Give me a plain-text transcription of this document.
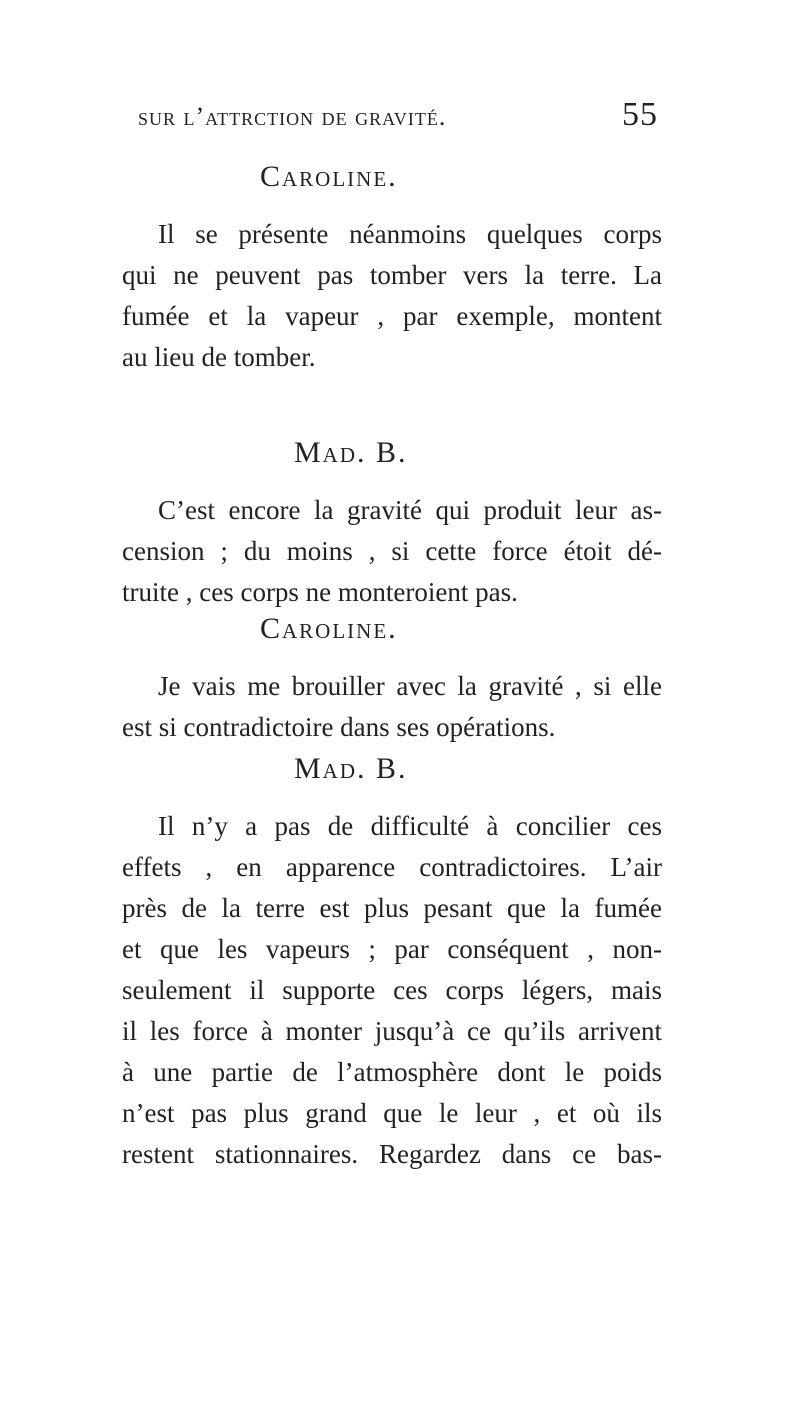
sur l’attrction de gravité.	55
Caroline.
Il se présente néanmoins quelques corps
qui ne peuvent pas tomber vers la terre. La
fumée et la vapeur , par exemple, montent
au lieu de tomber.
Mad. B.
C’est encore la gravité qui produit leur as-
cension ; du moins , si cette force étoit dé-
truite , ces corps ne monteroient pas.
Caroline.
Je vais me brouiller avec la gravité , si elle
est si contradictoire dans ses opérations.
Mad. B.
Il n’y a pas de difficulté à concilier ces
effets , en apparence contradictoires. L’air
près de la terre est plus pesant que la fumée
et que les vapeurs ; par conséquent , non-
seulement il supporte ces corps légers, mais
il les force à monter jusqu’à ce qu’ils arrivent
à une partie de l’atmosphère dont le poids
n’est pas plus grand que le leur , et où ils
restent stationnaires. Regardez dans ce bas-
